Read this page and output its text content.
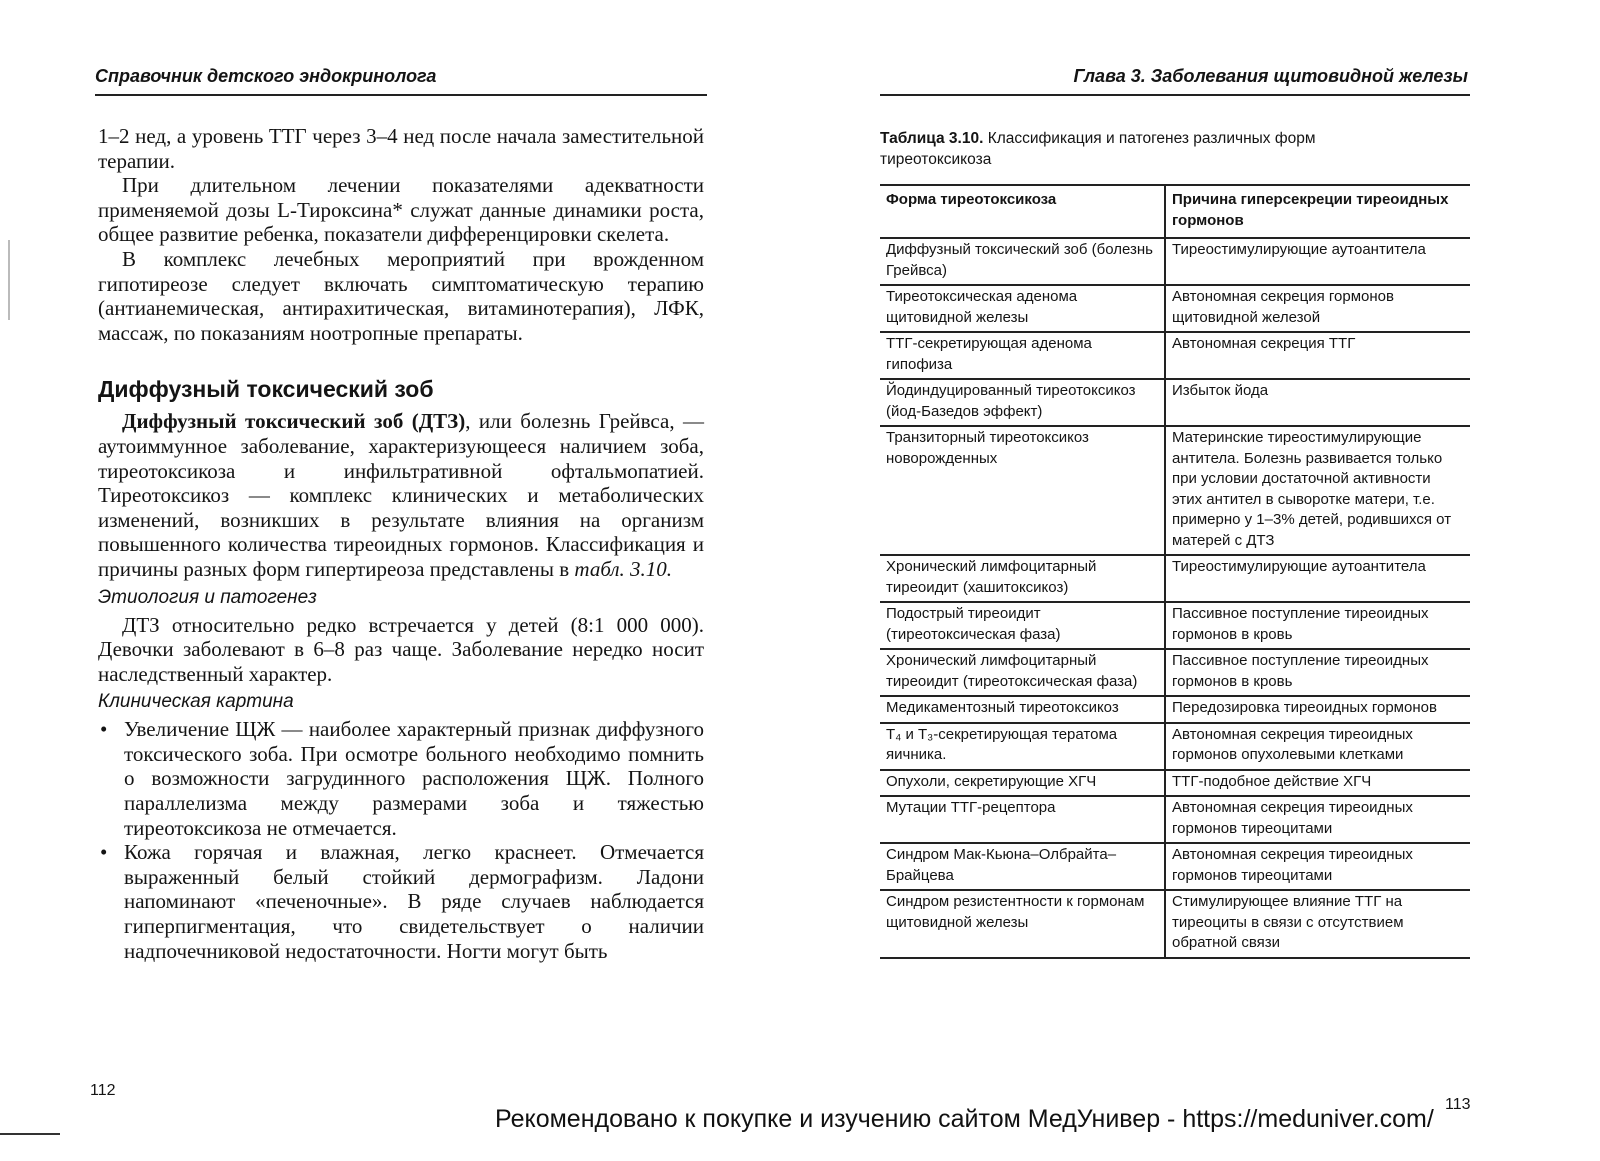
Справочник детского эндокринолога

1–2 нед, а уровень ТТГ через 3–4 нед после начала заместительной терапии.

При длительном лечении показателями адекватности применяемой дозы L-Тироксина* служат данные динамики роста, общее развитие ребенка, показатели дифференцировки скелета.

В комплекс лечебных мероприятий при врожденном гипотиреозе следует включать симптоматическую терапию (антианемическая, антирахитическая, витаминотерапия), ЛФК, массаж, по показаниям ноотропные препараты.

Диффузный токсический зоб

Диффузный токсический зоб (ДТЗ), или болезнь Грейвса, — аутоиммунное заболевание, характеризующееся наличием зоба, тиреотоксикоза и инфильтративной офтальмопатией. Тиреотоксикоз — комплекс клинических и метаболических изменений, возникших в результате влияния на организм повышенного количества тиреоидных гормонов. Классификация и причины разных форм гипертиреоза представлены в табл. 3.10.

Этиология и патогенез

ДТЗ относительно редко встречается у детей (8:1 000 000). Девочки заболевают в 6–8 раз чаще. Заболевание нередко носит наследственный характер.

Клиническая картина

• Увеличение ЩЖ — наиболее характерный признак диффузного токсического зоба. При осмотре больного необходимо помнить о возможности загрудинного расположения ЩЖ. Полного параллелизма между размерами зоба и тяжестью тиреотоксикоза не отмечается.

• Кожа горячая и влажная, легко краснеет. Отмечается выраженный белый стойкий дермографизм. Ладони напоминают «печеночные». В ряде случаев наблюдается гиперпигментация, что свидетельствует о наличии надпочечниковой недостаточности. Ногти могут быть

112
Глава 3. Заболевания щитовидной железы
Таблица 3.10. Классификация и патогенез различных форм тиреотоксикоза
Форма тиреотоксикоза	Причина гиперсекреции тиреоидных гормонов
Диффузный токсический зоб (болезнь Грейвса)	Тиреостимулирующие аутоантитела
Тиреотоксическая аденома щитовидной железы	Автономная секреция гормонов щитовидной железой
ТТГ-секретирующая аденома гипофиза	Автономная секреция ТТГ
Йодиндуцированный тиреотоксикоз (йод-Базедов эффект)	Избыток йода
Транзиторный тиреотоксикоз новорожденных	Материнские тиреостимулирующие антитела. Болезнь развивается только при условии достаточной активности этих антител в сыворотке матери, т.е. примерно у 1–3% детей, родившихся от матерей с ДТЗ
Хронический лимфоцитарный тиреоидит (хашитоксикоз)	Тиреостимулирующие аутоантитела
Подострый тиреоидит (тиреотоксическая фаза)	Пассивное поступление тиреоидных гормонов в кровь
Хронический лимфоцитарный тиреоидит (тиреотоксическая фаза)	Пассивное поступление тиреоидных гормонов в кровь
Медикаментозный тиреотоксикоз	Передозировка тиреоидных гормонов
T₄ и T₃-секретирующая тератома яичника.	Автономная секреция тиреоидных гормонов опухолевыми клетками
Опухоли, секретирующие ХГЧ	ТТГ-подобное действие ХГЧ
Мутации ТТГ-рецептора	Автономная секреция тиреоидных гормонов тиреоцитами
Синдром Мак-Кьюна–Олбрайта–Брайцева	Автономная секреция тиреоидных гормонов тиреоцитами
Синдром резистентности к гормонам щитовидной железы	Стимулирующее влияние ТТГ на тиреоциты в связи с отсутствием обратной связи
113
Рекомендовано к покупке и изучению сайтом МедУнивер - https://meduniver.com/
